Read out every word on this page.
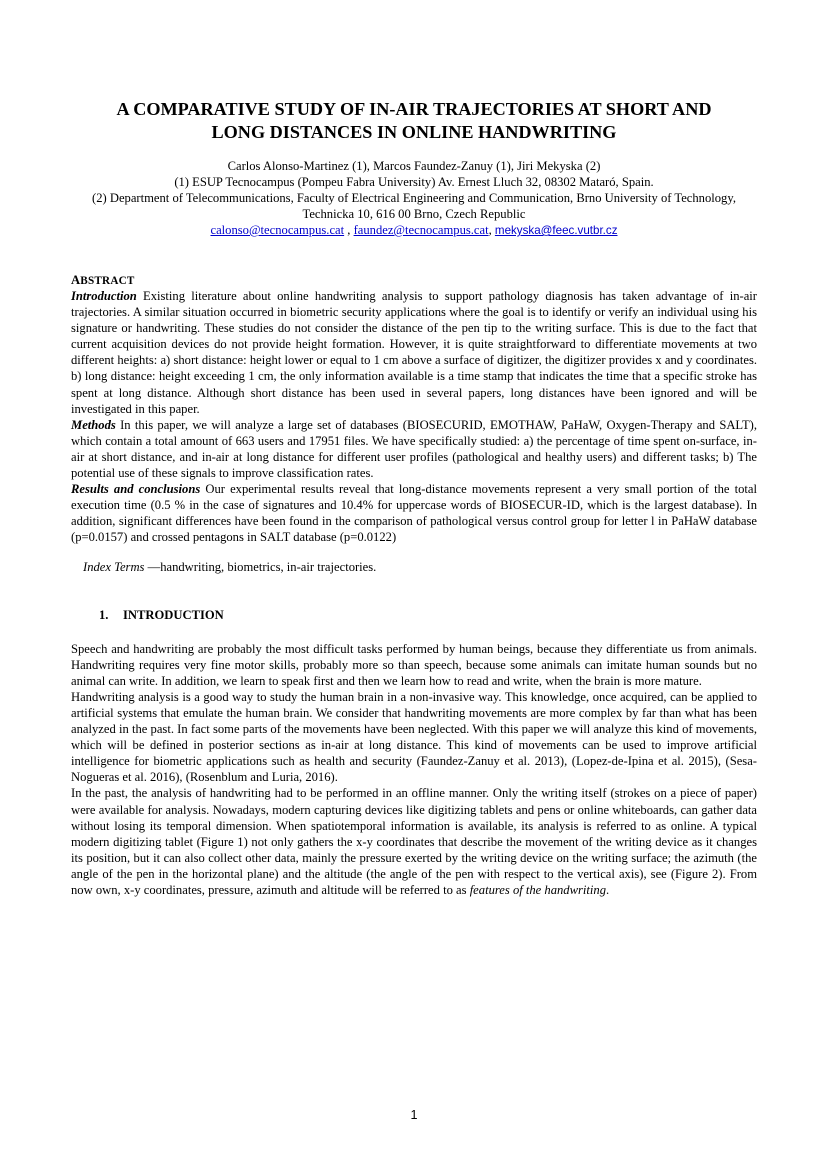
A COMPARATIVE STUDY OF IN-AIR TRAJECTORIES AT SHORT AND
LONG DISTANCES IN ONLINE HANDWRITING
Carlos Alonso-Martinez (1), Marcos Faundez-Zanuy (1), Jiri Mekyska (2)
(1) ESUP Tecnocampus (Pompeu Fabra University) Av. Ernest Lluch 32, 08302 Mataró, Spain.
(2) Department of Telecommunications, Faculty of Electrical Engineering and Communication, Brno University of Technology, Technicka 10, 616 00 Brno, Czech Republic
calonso@tecnocampus.cat , faundez@tecnocampus.cat, mekyska@feec.vutbr.cz
ABSTRACT

Introduction Existing literature about online handwriting analysis to support pathology diagnosis has taken advantage of in-air trajectories. A similar situation occurred in biometric security applications where the goal is to identify or verify an individual using his signature or handwriting. These studies do not consider the distance of the pen tip to the writing surface. This is due to the fact that current acquisition devices do not provide height formation. However, it is quite straightforward to differentiate movements at two different heights: a) short distance: height lower or equal to 1 cm above a surface of digitizer, the digitizer provides x and y coordinates. b) long distance: height exceeding 1 cm, the only information available is a time stamp that indicates the time that a specific stroke has spent at long distance. Although short distance has been used in several papers, long distances have been ignored and will be investigated in this paper.

Methods In this paper, we will analyze a large set of databases (BIOSECURID, EMOTHAW, PaHaW, Oxygen-Therapy and SALT), which contain a total amount of 663 users and 17951 files. We have specifically studied: a) the percentage of time spent on-surface, in-air at short distance, and in-air at long distance for different user profiles (pathological and healthy users) and different tasks; b) The potential use of these signals to improve classification rates.

Results and conclusions Our experimental results reveal that long-distance movements represent a very small portion of the total execution time (0.5 % in the case of signatures and 10.4% for uppercase words of BIOSECUR-ID, which is the largest database). In addition, significant differences have been found in the comparison of pathological versus control group for letter l in PaHaW database (p=0.0157) and crossed pentagons in SALT database (p=0.0122)

Index Terms —handwriting, biometrics, in-air trajectories.

1. INTRODUCTION

Speech and handwriting are probably the most difficult tasks performed by human beings, because they differentiate us from animals. Handwriting requires very fine motor skills, probably more so than speech, because some animals can imitate human sounds but no animal can write. In addition, we learn to speak first and then we learn how to read and write, when the brain is more mature.

Handwriting analysis is a good way to study the human brain in a non-invasive way. This knowledge, once acquired, can be applied to artificial systems that emulate the human brain. We consider that handwriting movements are more complex by far than what has been analyzed in the past. In fact some parts of the movements have been neglected. With this paper we will analyze this kind of movements, which will be defined in posterior sections as in-air at long distance. This kind of movements can be used to improve artificial intelligence for biometric applications such as health and security (Faundez-Zanuy et al. 2013), (Lopez-de-Ipina et al. 2015), (Sesa-Nogueras et al. 2016), (Rosenblum and Luria, 2016).

In the past, the analysis of handwriting had to be performed in an offline manner. Only the writing itself (strokes on a piece of paper) were available for analysis. Nowadays, modern capturing devices like digitizing tablets and pens or online whiteboards, can gather data without losing its temporal dimension. When spatiotemporal information is available, its analysis is referred to as online. A typical modern digitizing tablet (Figure 1) not only gathers the x-y coordinates that describe the movement of the writing device as it changes its position, but it can also collect other data, mainly the pressure exerted by the writing device on the writing surface; the azimuth (the angle of the pen in the horizontal plane) and the altitude (the angle of the pen with respect to the vertical axis), see (Figure 2). From now own, x-y coordinates, pressure, azimuth and altitude will be referred to as features of the handwriting.

1
